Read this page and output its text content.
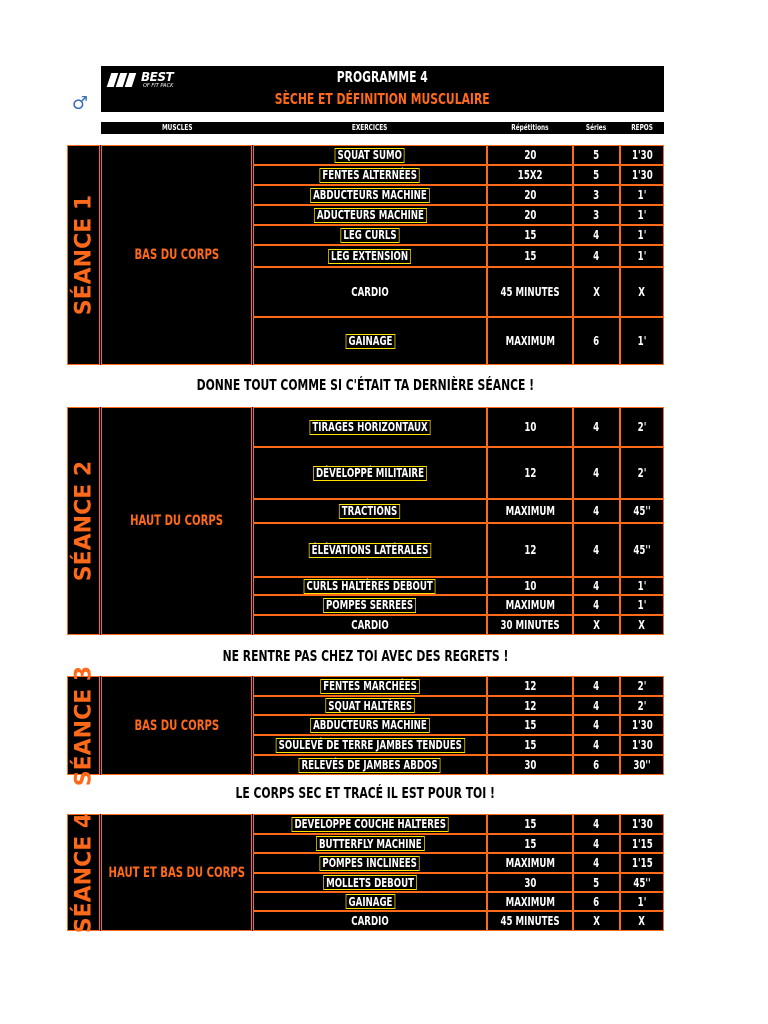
BEST
OF FIT PACK	PROGRAMME 4
SÈCHE ET DÉFINITION MUSCULAIRE
♂
MUSCLES	EXERCICES	Répétitions	Séries	REPOS
SÉANCE 1	BAS DU CORPS
SQUAT SUMO	20	5	1'30
FENTES ALTERNÉES	15X2	5	1'30
ABDUCTEURS MACHINE	20	3	1'
ADUCTEURS MACHINE	20	3	1'
LEG CURLS	15	4	1'
LEG EXTENSION	15	4	1'
CARDIO	45 MINUTES	X	X
GAINAGE	MAXIMUM	6	1'
SÉANCE 2 HAUT DU CORPS
TIRAGES HORIZONTAUX	10	4	2'
DÉVELOPPÉ MILITAIRE	12	4	2'
TRACTIONS	MAXIMUM	4	45''
ÉLÉVATIONS LATÉRALES	12	4	45''
CURLS HALTÈRES DEBOUT	10	4	1'
POMPES SERREES	MAXIMUM	4	1'
CARDIO	30 MINUTES	X	X
SÉANCE 3	BAS DU CORPS
FENTES MARCHÉES	12	4	2'
SQUAT HALTÈRES	12	4	2'
ABDUCTEURS MACHINE	15	4	1'30
SOULEVÉ DE TERRE JAMBES TENDUES	15	4	1'30
RELEVÉS DE JAMBES ABDOS	30	6	30''
SÉANCE 4 HAUT ET BAS DU CORPS
DEVELOPPE COUCHE HALTERES	15	4	1'30
BUTTERFLY MACHINE	15	4	1'15
POMPES INCLINEES	MAXIMUM	4	1'15
MOLLETS DEBOUT	30	5	45''
GAINAGE	MAXIMUM	6	1'
CARDIO	45 MINUTES	X	X
DONNE TOUT COMME SI C'ÉTAIT TA DERNIÈRE SÉANCE !
NE RENTRE PAS CHEZ TOI AVEC DES REGRETS !
LE CORPS SEC ET TRACÉ IL EST POUR TOI !
